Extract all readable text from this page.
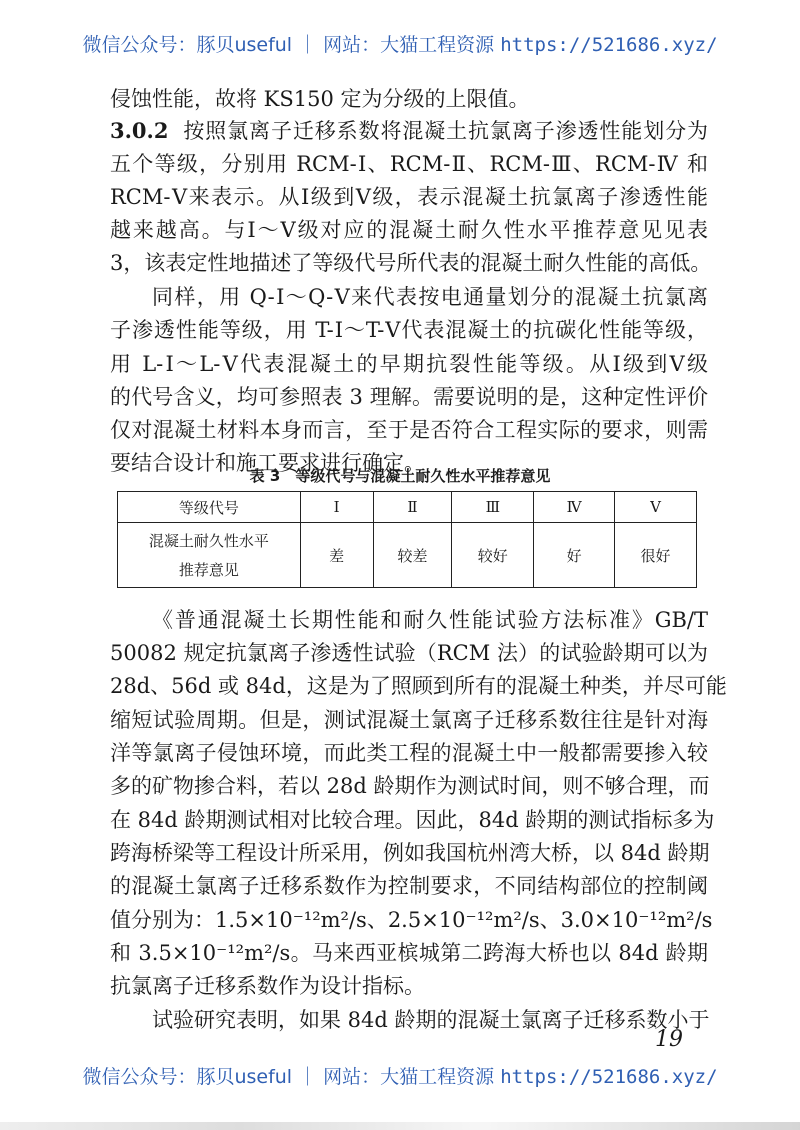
微信公众号：豚贝useful ｜ 网站：大猫工程资源 https://521686.xyz/
侵蚀性能，故将 KS150 定为分级的上限值。
3.0.2 按照氯离子迁移系数将混凝土抗氯离子渗透性能划分为
五个等级，分别用 RCM-Ⅰ、RCM-Ⅱ、RCM-Ⅲ、RCM-Ⅳ 和
RCM-Ⅴ来表示。从Ⅰ级到Ⅴ级，表示混凝土抗氯离子渗透性能
越来越高。与Ⅰ～Ⅴ级对应的混凝土耐久性水平推荐意见见表
3，该表定性地描述了等级代号所代表的混凝土耐久性能的高低。
同样，用 Q-Ⅰ～Q-Ⅴ来代表按电通量划分的混凝土抗氯离
子渗透性能等级，用 T-Ⅰ～T-Ⅴ代表混凝土的抗碳化性能等级，
用 L-Ⅰ～L-Ⅴ代表混凝土的早期抗裂性能等级。从Ⅰ级到Ⅴ级
的代号含义，均可参照表 3 理解。需要说明的是，这种定性评价
仅对混凝土材料本身而言，至于是否符合工程实际的要求，则需
要结合设计和施工要求进行确定。
表 3　等级代号与混凝土耐久性水平推荐意见
等级代号	Ⅰ	Ⅱ	Ⅲ	Ⅳ	Ⅴ

混凝土耐久性水平
推荐意见	差	较差	较好	好	很好
《普通混凝土长期性能和耐久性能试验方法标准》GB/T
50082 规定抗氯离子渗透性试验（RCM 法）的试验龄期可以为
28d、56d 或 84d，这是为了照顾到所有的混凝土种类，并尽可能
缩短试验周期。但是，测试混凝土氯离子迁移系数往往是针对海
洋等氯离子侵蚀环境，而此类工程的混凝土中一般都需要掺入较
多的矿物掺合料，若以 28d 龄期作为测试时间，则不够合理，而
在 84d 龄期测试相对比较合理。因此，84d 龄期的测试指标多为
跨海桥梁等工程设计所采用，例如我国杭州湾大桥，以 84d 龄期
的混凝土氯离子迁移系数作为控制要求，不同结构部位的控制阈
值分别为：1.5×10⁻¹²m²/s、2.5×10⁻¹²m²/s、3.0×10⁻¹²m²/s
和 3.5×10⁻¹²m²/s。马来西亚槟城第二跨海大桥也以 84d 龄期
抗氯离子迁移系数作为设计指标。
试验研究表明，如果 84d 龄期的混凝土氯离子迁移系数小于
19
微信公众号：豚贝useful ｜ 网站：大猫工程资源 https://521686.xyz/
